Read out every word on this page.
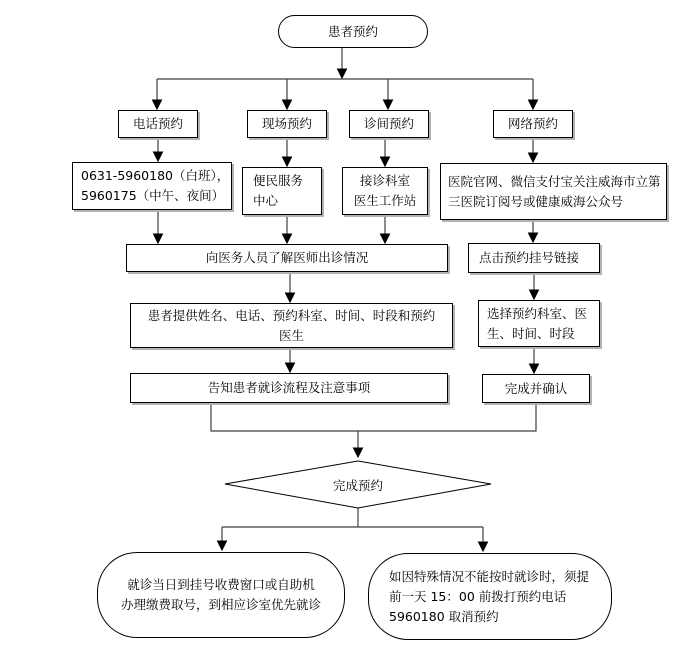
患者预约
电话预约	现场预约	诊间预约	网络预约
0631-5960180（白班），
5960175（中午、夜间）
便民服务
中心
接诊科室
医生工作站
医院官网、微信支付宝关注威海市立第
三医院订阅号或健康威海公众号
向医务人员了解医师出诊情况	点击预约挂号链接
患者提供姓名、电话、预约科室、时间、时段和预约
医生
选择预约科室、医
生、时间、时段
告知患者就诊流程及注意事项	完成并确认
完成预约
就诊当日到挂号收费窗口或自助机
办理缴费取号，到相应诊室优先就诊
如因特殊情况不能按时就诊时，须提
前一天 15：00 前拨打预约电话
5960180 取消预约
